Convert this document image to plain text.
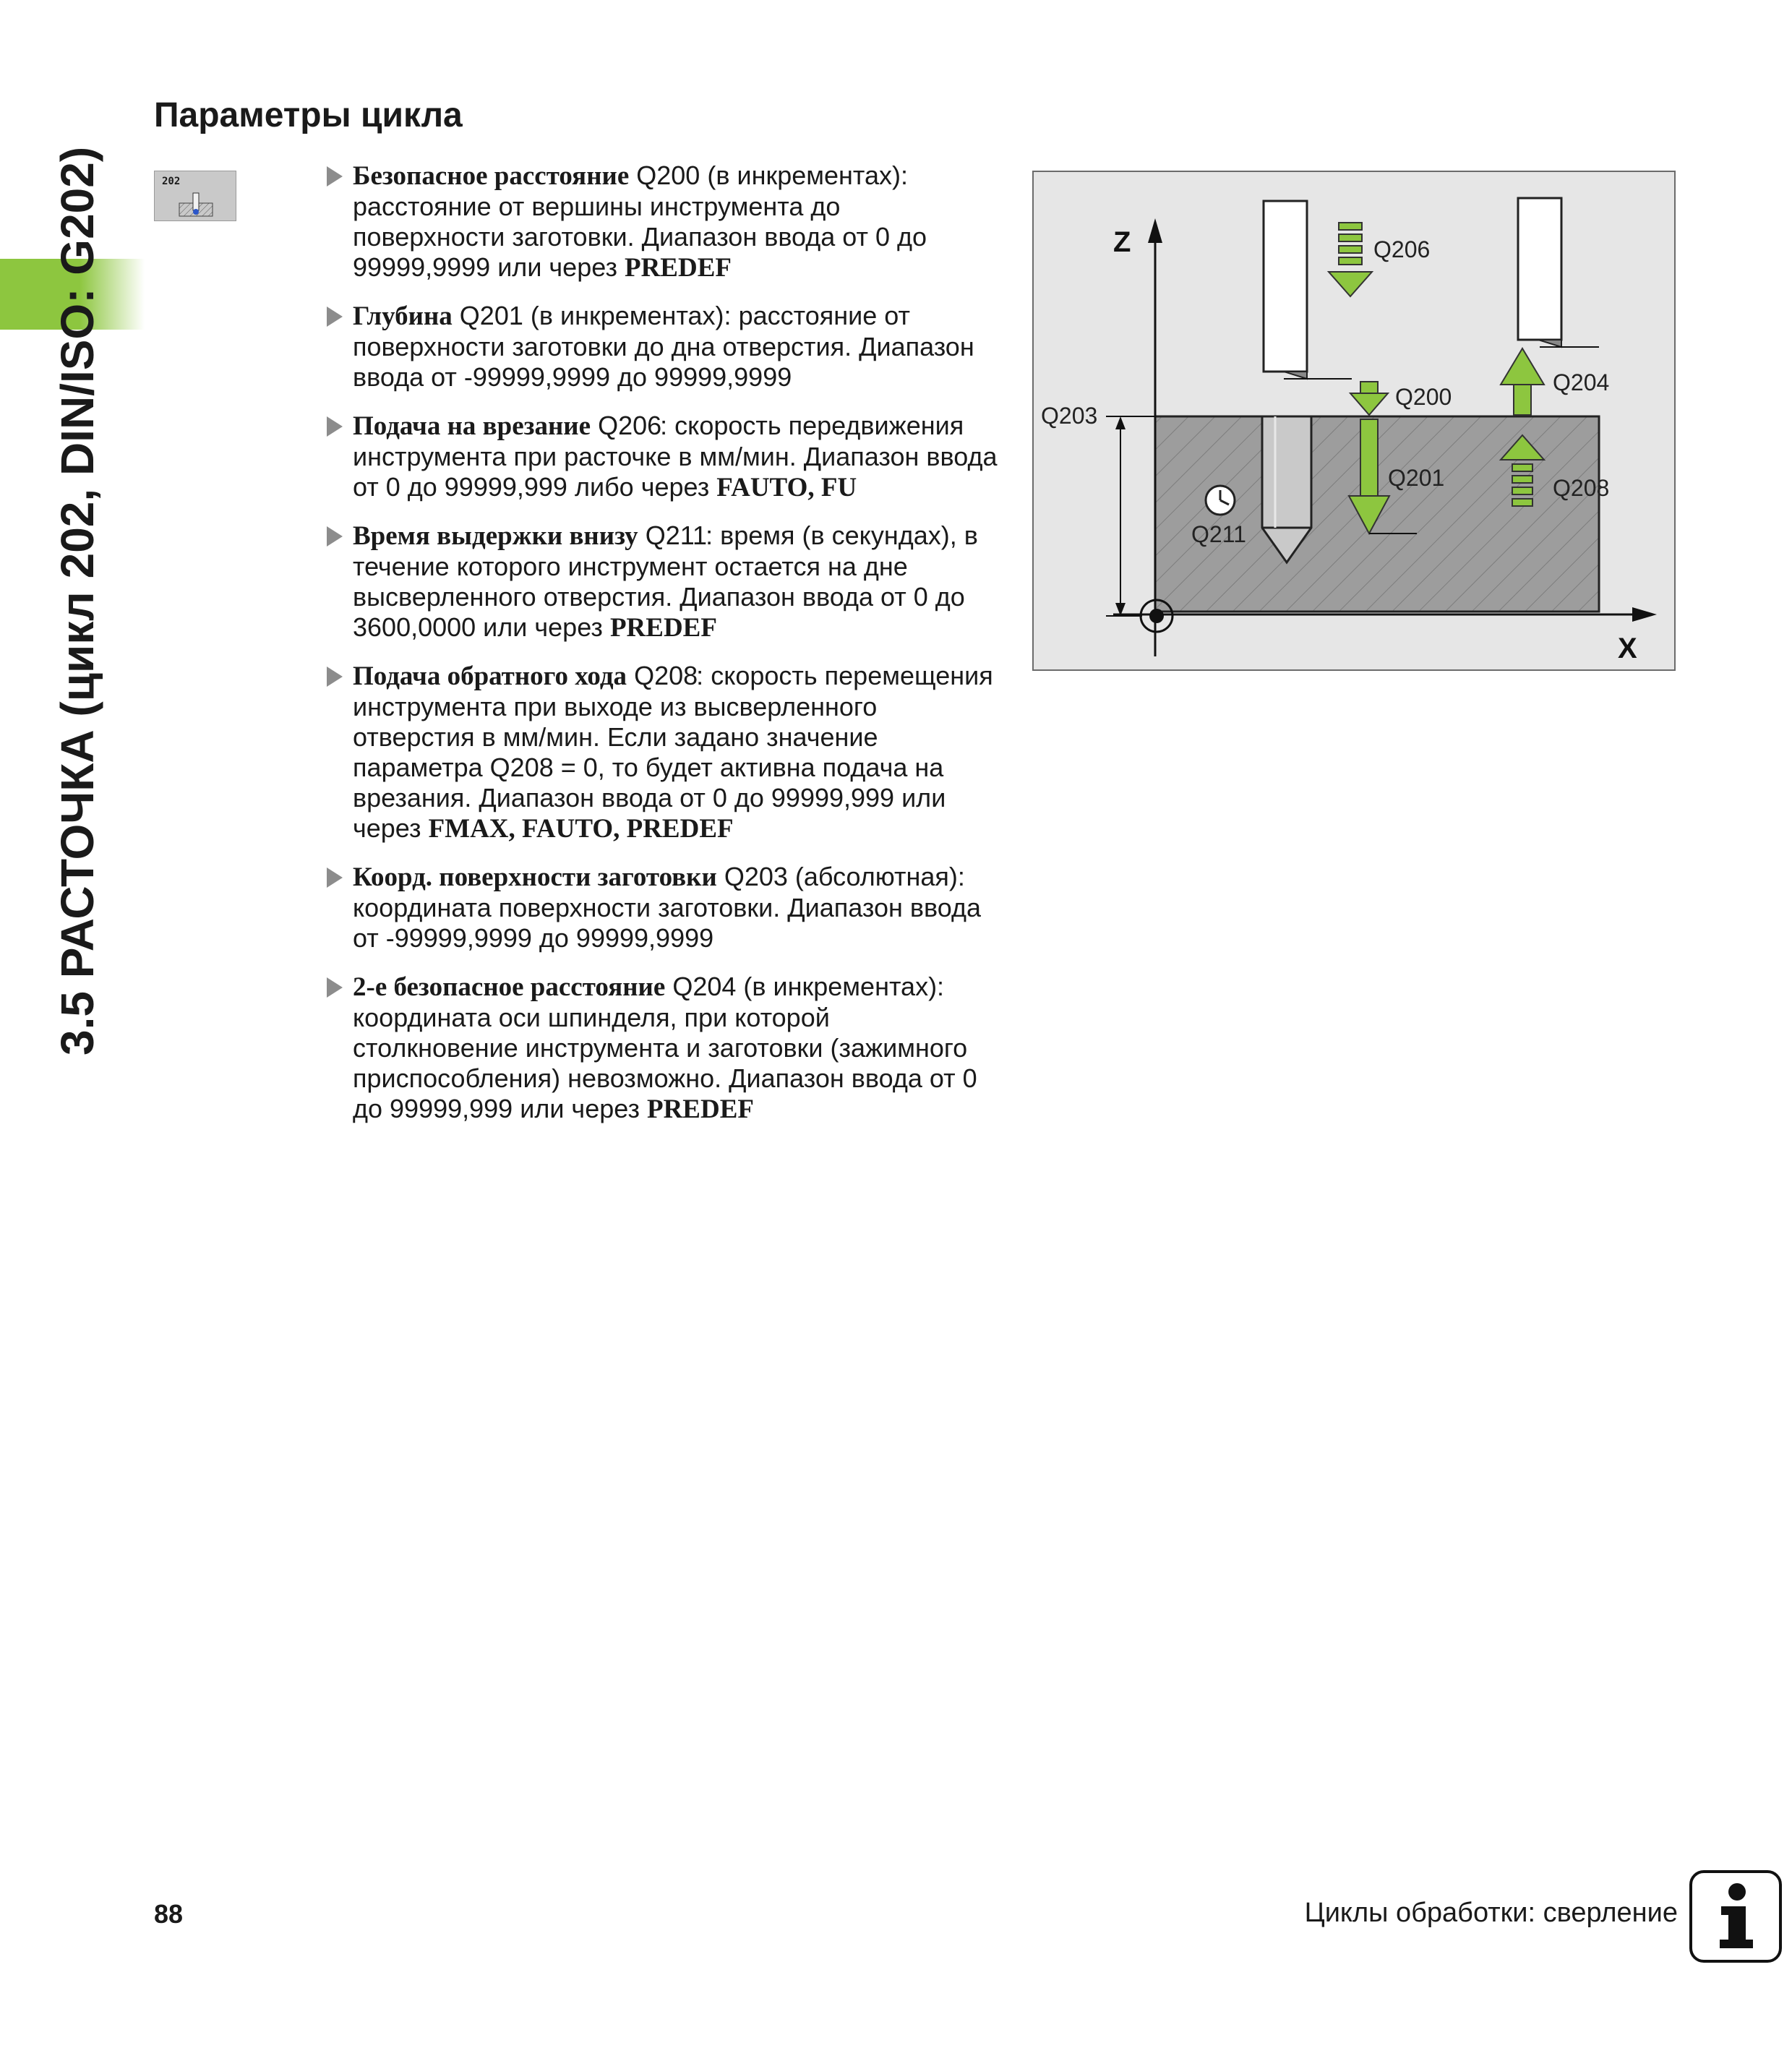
3.5 РАСТОЧКА (цикл 202, DIN/ISO: G202)
Параметры цикла
202	Безопасное расстояние Q200 (в инкрементах): расстояние от вершины инструмента до поверхности заготовки. Диапазон ввода от 0 до 99999,9999 или через PREDEF
Глубина Q201 (в инкрементах): расстояние от поверхности заготовки до дна отверстия. Диапазон ввода от -99999,9999 до 99999,9999
Подача на врезание Q206: скорость передвижения инструмента при расточке в мм/мин. Диапазон ввода от 0 до 99999,999 либо через FAUTO, FU
Время выдержки внизу Q211: время (в секундах), в течение которого инструмент остается на дне высверленного отверстия. Диапазон ввода от 0 до 3600,0000 или через PREDEF
Подача обратного хода Q208: скорость перемещения инструмента при выходе из высверленного отверстия в мм/мин. Если задано значение параметра Q208 = 0, то будет активна подача на врезания. Диапазон ввода от 0 до 99999,999 или через FMAX, FAUTO, PREDEF
Коорд. поверхности заготовки Q203 (абсолютная): координата поверхности заготовки. Диапазон ввода от -99999,9999 до 99999,9999
2-е безопасное расстояние Q204 (в инкрементах): координата оси шпинделя, при которой столкновение инструмента и заготовки (зажимного приспособления) невозможно. Диапазон ввода от 0 до 99999,999 или через PREDEF
Z
X
Q206
Q200
Q201
Q204
Q208
Q203
Q211
88	Циклы обработки: сверление
